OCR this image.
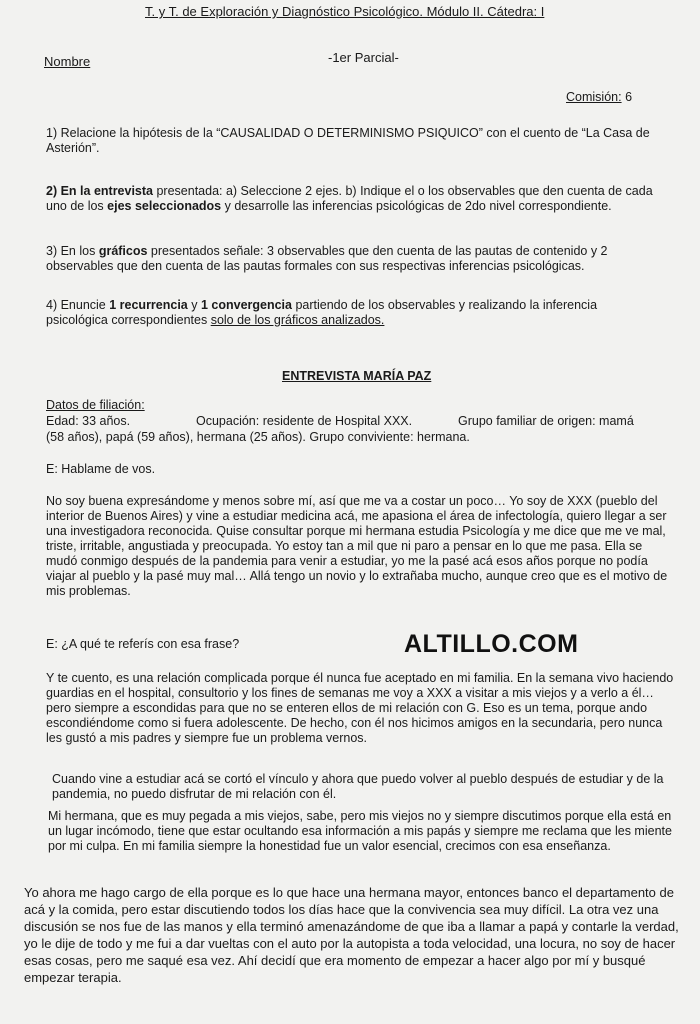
T. y T. de Exploración y Diagnóstico Psicológico. Módulo II. Cátedra: I
Nombre	-1er Parcial-
Comisión: 6
1) Relacione la hipótesis de la “CAUSALIDAD O DETERMINISMO PSIQUICO” con el cuento de “La Casa de Asterión”.
2) En la entrevista presentada: a) Seleccione 2 ejes. b) Indique el o los observables que den cuenta de cada uno de los ejes seleccionados y desarrolle las inferencias psicológicas de 2do nivel correspondiente.
3) En los gráficos presentados señale: 3 observables que den cuenta de las pautas de contenido y 2 observables que den cuenta de las pautas formales con sus respectivas inferencias psicológicas.
4) Enuncie 1 recurrencia y 1 convergencia partiendo de los observables y realizando la inferencia psicológica correspondientes solo de los gráficos analizados.
ENTREVISTA MARÍA PAZ
Datos de filiación:
Edad: 33 años.	Ocupación: residente de Hospital XXX.	Grupo familiar de origen: mamá
(58 años), papá (59 años), hermana (25 años). Grupo conviviente: hermana.
E: Hablame de vos.
No soy buena expresándome y menos sobre mí, así que me va a costar un poco… Yo soy de XXX (pueblo del interior de Buenos Aires) y vine a estudiar medicina acá, me apasiona el área de infectología, quiero llegar a ser una investigadora reconocida. Quise consultar porque mi hermana estudia Psicología y me dice que me ve mal, triste, irritable, angustiada y preocupada. Yo estoy tan a mil que ni paro a pensar en lo que me pasa. Ella se mudó conmigo después de la pandemia para venir a estudiar, yo me la pasé acá esos años porque no podía viajar al pueblo y la pasé muy mal… Allá tengo un novio y lo extrañaba mucho, aunque creo que es el motivo de mis problemas.
E: ¿A qué te referís con esa frase?
Y te cuento, es una relación complicada porque él nunca fue aceptado en mi familia. En la semana vivo haciendo guardias en el hospital, consultorio y los fines de semanas me voy a XXX a visitar a mis viejos y a verlo a él… pero siempre a escondidas para que no se enteren ellos de mi relación con G. Eso es un tema, porque ando escondiéndome como si fuera adolescente. De hecho, con él nos hicimos amigos en la secundaria, pero nunca les gustó a mis padres y siempre fue un problema vernos.
Cuando vine a estudiar acá se cortó el vínculo y ahora que puedo volver al pueblo después de estudiar y de la pandemia, no puedo disfrutar de mi relación con él.
Mi hermana, que es muy pegada a mis viejos, sabe, pero mis viejos no y siempre discutimos porque ella está en un lugar incómodo, tiene que estar ocultando esa información a mis papás y siempre me reclama que les miente por mi culpa. En mi familia siempre la honestidad fue un valor esencial, crecimos con esa enseñanza.
Yo ahora me hago cargo de ella porque es lo que hace una hermana mayor, entonces banco el departamento de acá y la comida, pero estar discutiendo todos los días hace que la convivencia sea muy difícil. La otra vez una discusión se nos fue de las manos y ella terminó amenazándome de que iba a llamar a papá y contarle la verdad, yo le dije de todo y me fui a dar vueltas con el auto por la autopista a toda velocidad, una locura, no soy de hacer esas cosas, pero me saqué esa vez. Ahí decidí que era momento de empezar a hacer algo por mí y busqué empezar terapia.
ALTILLO.COM
